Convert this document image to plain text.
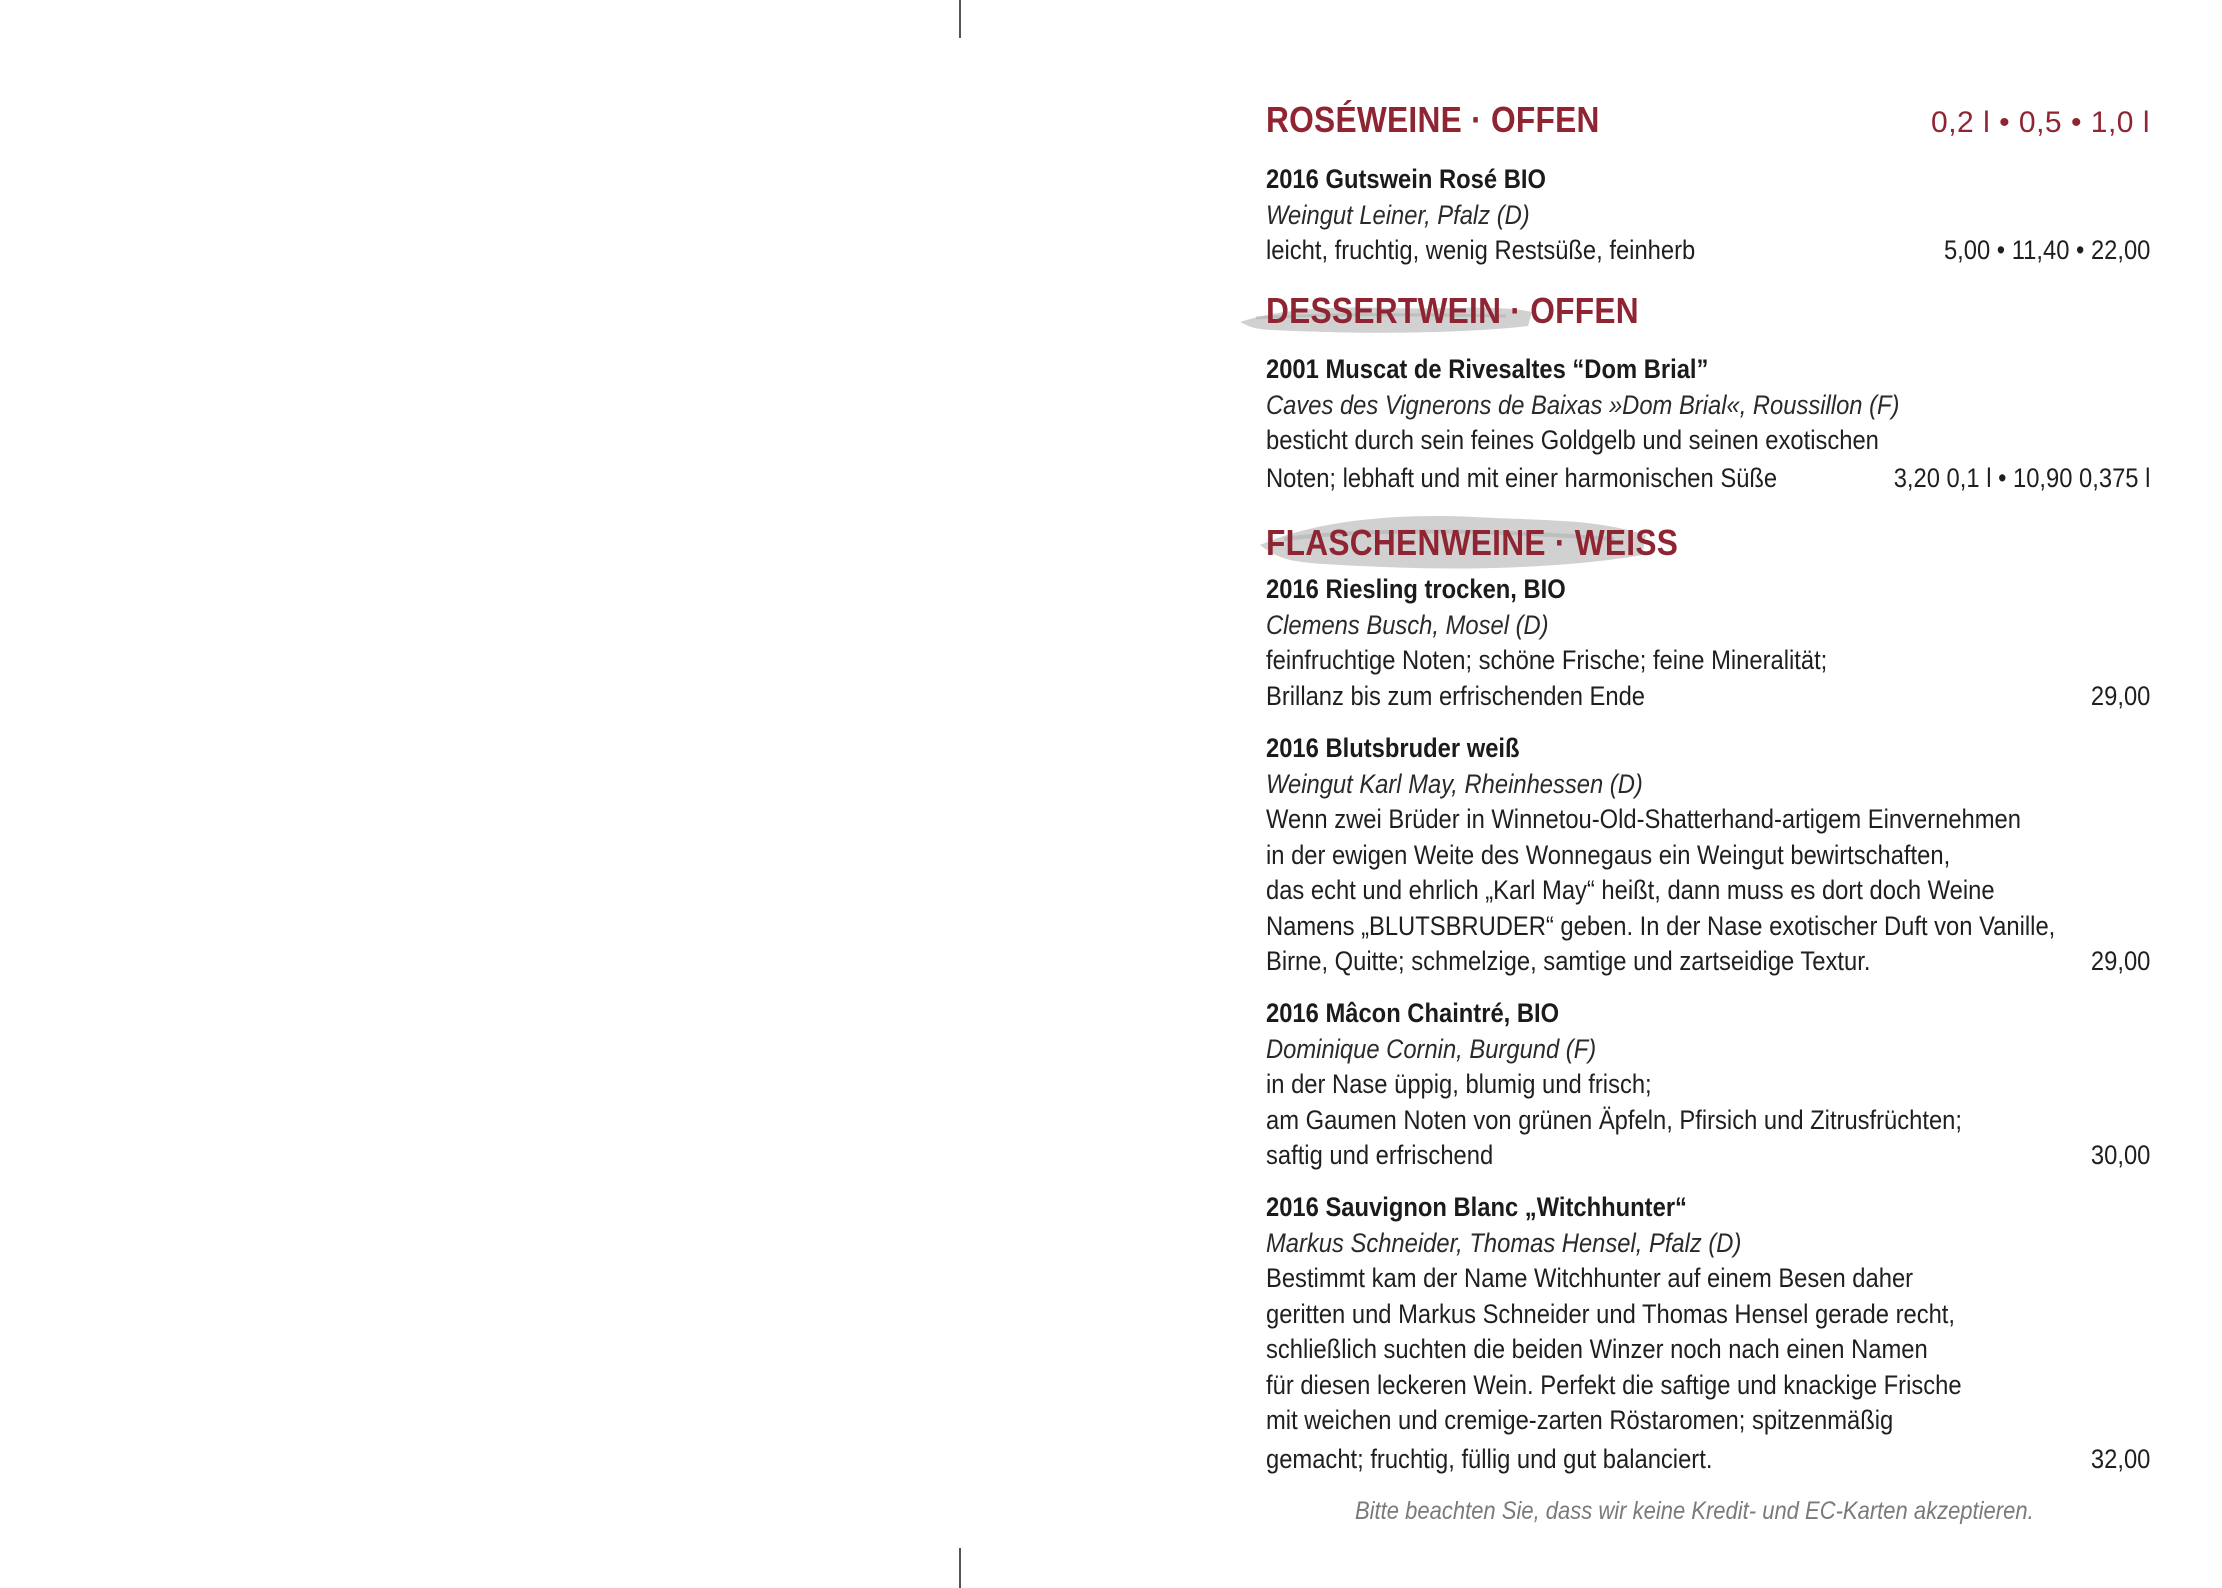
ROSÉWEINE · OFFEN	0,2 l • 0,5 • 1,0 l
2016 Gutswein Rosé BIO
Weingut Leiner, Pfalz (D)
leicht, fruchtig, wenig Restsüße, feinherb	5,00 • 11,40 • 22,00
DESSERTWEIN · OFFEN
2001 Muscat de Rivesaltes “Dom Brial”
Caves des Vignerons de Baixas »Dom Brial«, Roussillon (F)
besticht durch sein feines Goldgelb und seinen exotischen
Noten; lebhaft und mit einer harmonischen Süße	3,20 0,1 l • 10,90 0,375 l
FLASCHENWEINE · WEISS
2016 Riesling trocken, BIO
Clemens Busch, Mosel (D)
feinfruchtige Noten; schöne Frische; feine Mineralität;
Brillanz bis zum erfrischenden Ende	29,00
2016 Blutsbruder weiß
Weingut Karl May, Rheinhessen (D)
Wenn zwei Brüder in Winnetou-Old-Shatterhand-artigem Einvernehmen
in der ewigen Weite des Wonnegaus ein Weingut bewirtschaften,
das echt und ehrlich „Karl May“ heißt, dann muss es dort doch Weine
Namens „BLUTSBRUDER“ geben. In der Nase exotischer Duft von Vanille,
Birne, Quitte; schmelzige, samtige und zartseidige Textur.	29,00
2016 Mâcon Chaintré, BIO
Dominique Cornin, Burgund (F)
in der Nase üppig, blumig und frisch;
am Gaumen Noten von grünen Äpfeln, Pfirsich und Zitrusfrüchten;
saftig und erfrischend	30,00
2016 Sauvignon Blanc „Witchhunter“
Markus Schneider, Thomas Hensel, Pfalz (D)
Bestimmt kam der Name Witchhunter auf einem Besen daher
geritten und Markus Schneider und Thomas Hensel gerade recht,
schließlich suchten die beiden Winzer noch nach einen Namen
für diesen leckeren Wein. Perfekt die saftige und knackige Frische
mit weichen und cremige-zarten Röstaromen; spitzenmäßig
gemacht; fruchtig, füllig und gut balanciert.	32,00
Bitte beachten Sie, dass wir keine Kredit- und EC-Karten akzeptieren.
